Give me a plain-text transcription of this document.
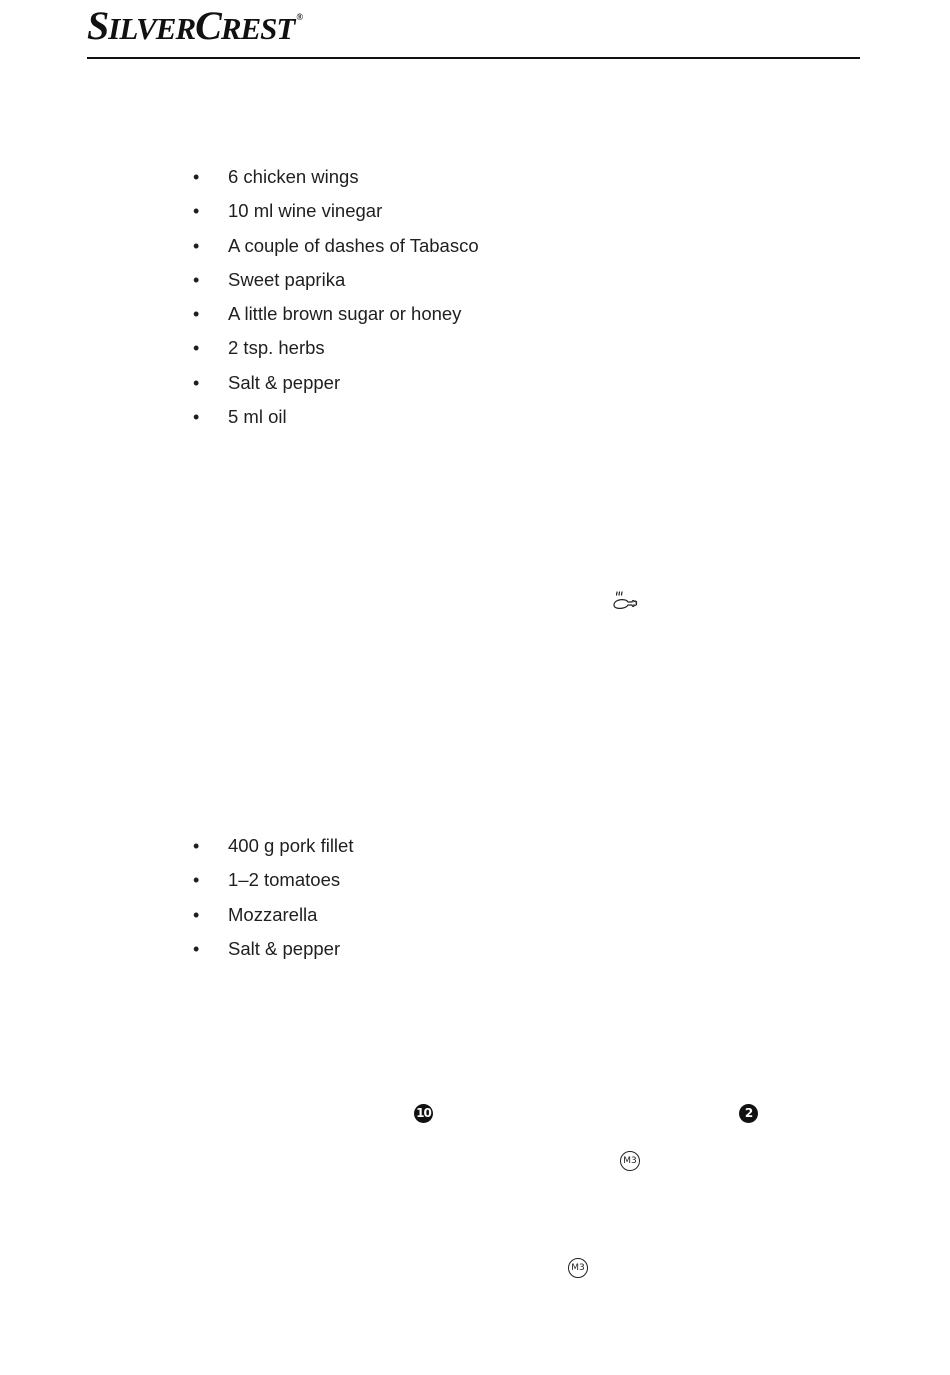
SILVERCREST ®
• 6 chicken wings
• 10 ml wine vinegar
• A couple of dashes of Tabasco
• Sweet paprika
• A little brown sugar or honey
• 2 tsp. herbs
• Salt & pepper
• 5 ml oil
• 400 g pork fillet
• 1–2 tomatoes
• Mozzarella
• Salt & pepper
10	2
M3
M3
